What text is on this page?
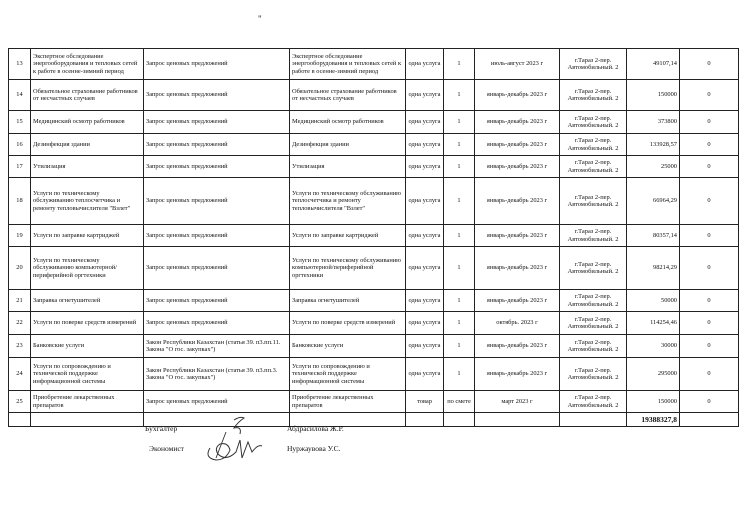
"
13	Экспертное обследование энергооборудования и тепловых сетей к работе в осенне-зимний период	Запрос ценовых предложений	Экспертное обследование энергооборудования и тепловых сетей к работе в осенне-зимний период	одна услуга	1	июль-август 2023 г	г.Тараз 2-пер. Автомобильный. 2	49107,14	0
14	Обязательное страхование работников от несчастных случаев	Запрос ценовых предложений	Обязательное страхование работников от несчастных случаев	одна услуга	1	январь-декабрь 2023 г	г.Тараз 2-пер. Автомобильный. 2	150000	0
15	Медицинский осмотр работников	Запрос ценовых предложений	Медицинский осмотр работников	одна услуга	1	январь-декабрь 2023 г	г.Тараз 2-пер. Автомобильный. 2	373800	0
16	Дезинфекция здании	Запрос ценовых предложений	Дезинфекция здании	одна услуга	1	январь-декабрь 2023 г	г.Тараз 2-пер. Автомобильный. 2	133928,57	0
17	Утилизация	Запрос ценовых предложений	Утилизация	одна услуга	1	январь-декабрь 2023 г	г.Тараз 2-пер. Автомобильный. 2	25000	0
18	Услуги по техническому обслуживанию теплосчетчика и ремонту тепловычислителя "Взлет"	Запрос ценовых предложений	Услуги по техническому обслуживанию теплосчетчика и ремонту тепловычислителя "Взлет"	одна услуга	1	январь-декабрь 2023 г	г.Тараз 2-пер. Автомобильный. 2	66964,29	0
19	Услуги по заправке картриджей	Запрос ценовых предложений	Услуги по заправке картриджей	одна услуга	1	январь-декабрь 2023 г	г.Тараз 2-пер. Автомобильный. 2	80357,14	0
20	Услуги по техническому обслуживанию компьютерной/периферийной оргтехники	Запрос ценовых предложений	Услуги по техническому обслуживанию компьютерной/периферийной оргтехники	одна услуга	1	январь-декабрь 2023 г	г.Тараз 2-пер. Автомобильный. 2	98214,29	0
21	Заправка огнетушителей	Запрос ценовых предложений	Заправка огнетушителей	одна услуга	1	январь-декабрь 2023 г	г.Тараз 2-пер. Автомобильный. 2	50000	0
22	Услуги по поверке средств измерений	Запрос ценовых предложений	Услуги по поверке средств измерений	одна услуга	1	октябрь. 2023 г	г.Тараз 2-пер. Автомобильный. 2	114254,46	0
23	Банковские услуги	Закон Республики Казахстан (статья 39. п3.пп.11. Закона "О гос. закупках")	Банковские услуги	одна услуга	1	январь-декабрь 2023 г	г.Тараз 2-пер. Автомобильный. 2	30000	0
24	Услуги по сопровождению и технической поддержке информационной системы	Закон Республики Казахстан (статья 39. п3.пп.3. Закона "О гос. закупках")	Услуги по сопровождению и технической поддержке информационной системы	одна услуга	1	январь-декабрь 2023 г	г.Тараз 2-пер. Автомобильный. 2	295000	0
25	Приобретение лекарственных препаратов	Запрос ценовых предложений	Приобретение лекарственных препаратов	товар	по смете	март 2023 г	г.Тараз 2-пер. Автомобильный. 2	150000	0
								19388327,8	
Бухгалтер	Абдрасилова Ж.Р.
Экономист	Нуржаувова У.С.
